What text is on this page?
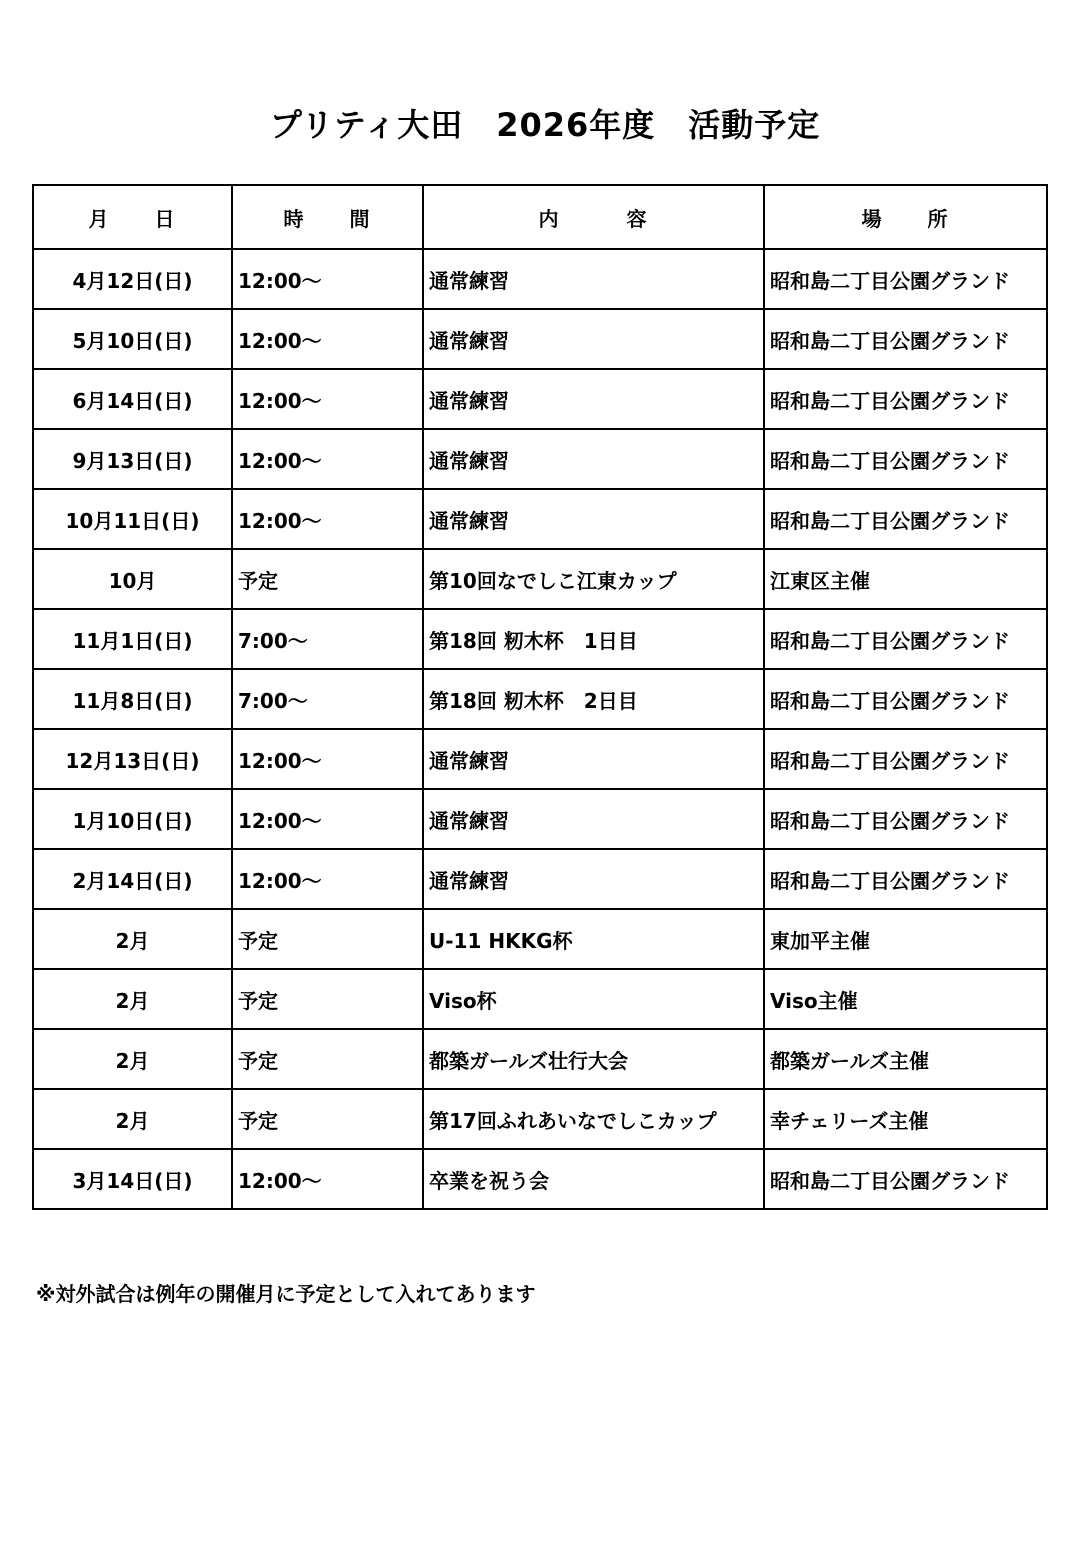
プリティ大田　2026年度　活動予定
月　　日	時　　間	内　　　容	場　　所
4月12日(日)	12:00～	通常練習	昭和島二丁目公園グランド
5月10日(日)	12:00～	通常練習	昭和島二丁目公園グランド
6月14日(日)	12:00～	通常練習	昭和島二丁目公園グランド
9月13日(日)	12:00～	通常練習	昭和島二丁目公園グランド
10月11日(日)	12:00～	通常練習	昭和島二丁目公園グランド
10月	予定	第10回なでしこ江東カップ	江東区主催
11月1日(日)	7:00～	第18回 籾木杯　1日目	昭和島二丁目公園グランド
11月8日(日)	7:00～	第18回 籾木杯　2日目	昭和島二丁目公園グランド
12月13日(日)	12:00～	通常練習	昭和島二丁目公園グランド
1月10日(日)	12:00～	通常練習	昭和島二丁目公園グランド
2月14日(日)	12:00～	通常練習	昭和島二丁目公園グランド
2月	予定	U-11 HKKG杯	東加平主催
2月	予定	Viso杯	Viso主催
2月	予定	都築ガールズ壮行大会	都築ガールズ主催
2月	予定	第17回ふれあいなでしこカップ	幸チェリーズ主催
3月14日(日)	12:00～	卒業を祝う会	昭和島二丁目公園グランド
※対外試合は例年の開催月に予定として入れてあります
